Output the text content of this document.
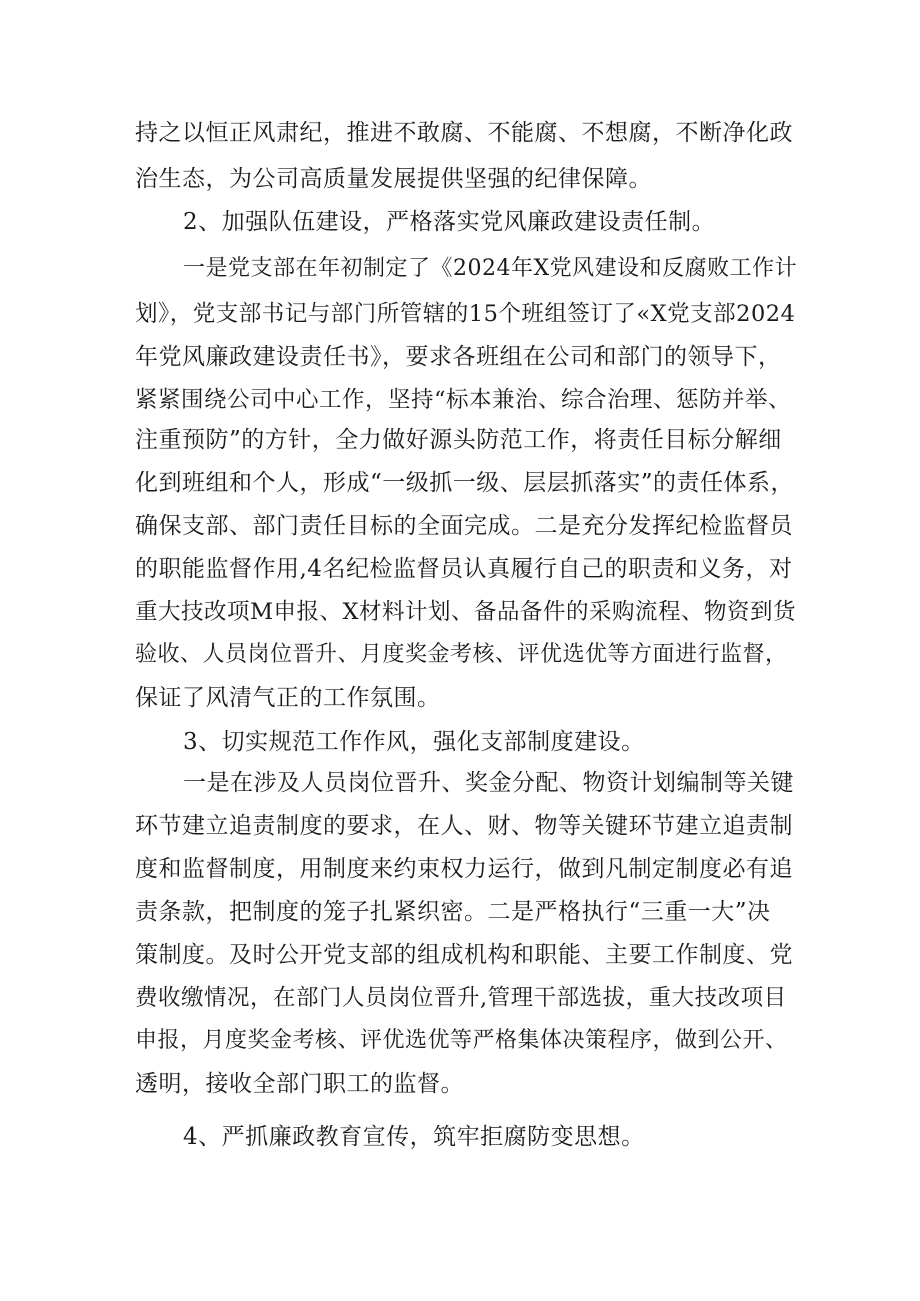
持之以恒正风肃纪，推进不敢腐、不能腐、不想腐，不断净化政

治生态，为公司高质量发展提供坚强的纪律保障。

2、加强队伍建设，严格落实党风廉政建设责任制。

一是党支部在年初制定了《2024年X党风建设和反腐败工作计

划》，党支部书记与部门所管辖的15个班组签订了«X党支部2024

年党风廉政建设责任书》，要求各班组在公司和部门的领导下，

紧紧围绕公司中心工作，坚持“标本兼治、综合治理、惩防并举、

注重预防”的方针，全力做好源头防范工作，将责任目标分解细

化到班组和个人，形成“一级抓一级、层层抓落实”的责任体系，

确保支部、部门责任目标的全面完成。二是充分发挥纪检监督员

的职能监督作用,4名纪检监督员认真履行自己的职责和义务，对

重大技改项M申报、X材料计划、备品备件的采购流程、物资到货

验收、人员岗位晋升、月度奖金考核、评优选优等方面进行监督，

保证了风清气正的工作氛围。

3、切实规范工作作风，强化支部制度建设。

一是在涉及人员岗位晋升、奖金分配、物资计划编制等关键

环节建立追责制度的要求，在人、财、物等关键环节建立追责制

度和监督制度，用制度来约束权力运行，做到凡制定制度必有追

责条款，把制度的笼子扎紧织密。二是严格执行“三重一大”决

策制度。及时公开党支部的组成机构和职能、主要工作制度、党

费收缴情况，在部门人员岗位晋升,管理干部选拔，重大技改项目

申报，月度奖金考核、评优选优等严格集体决策程序，做到公开、

透明，接收全部门职工的监督。

4、严抓廉政教育宣传，筑牢拒腐防变思想。
